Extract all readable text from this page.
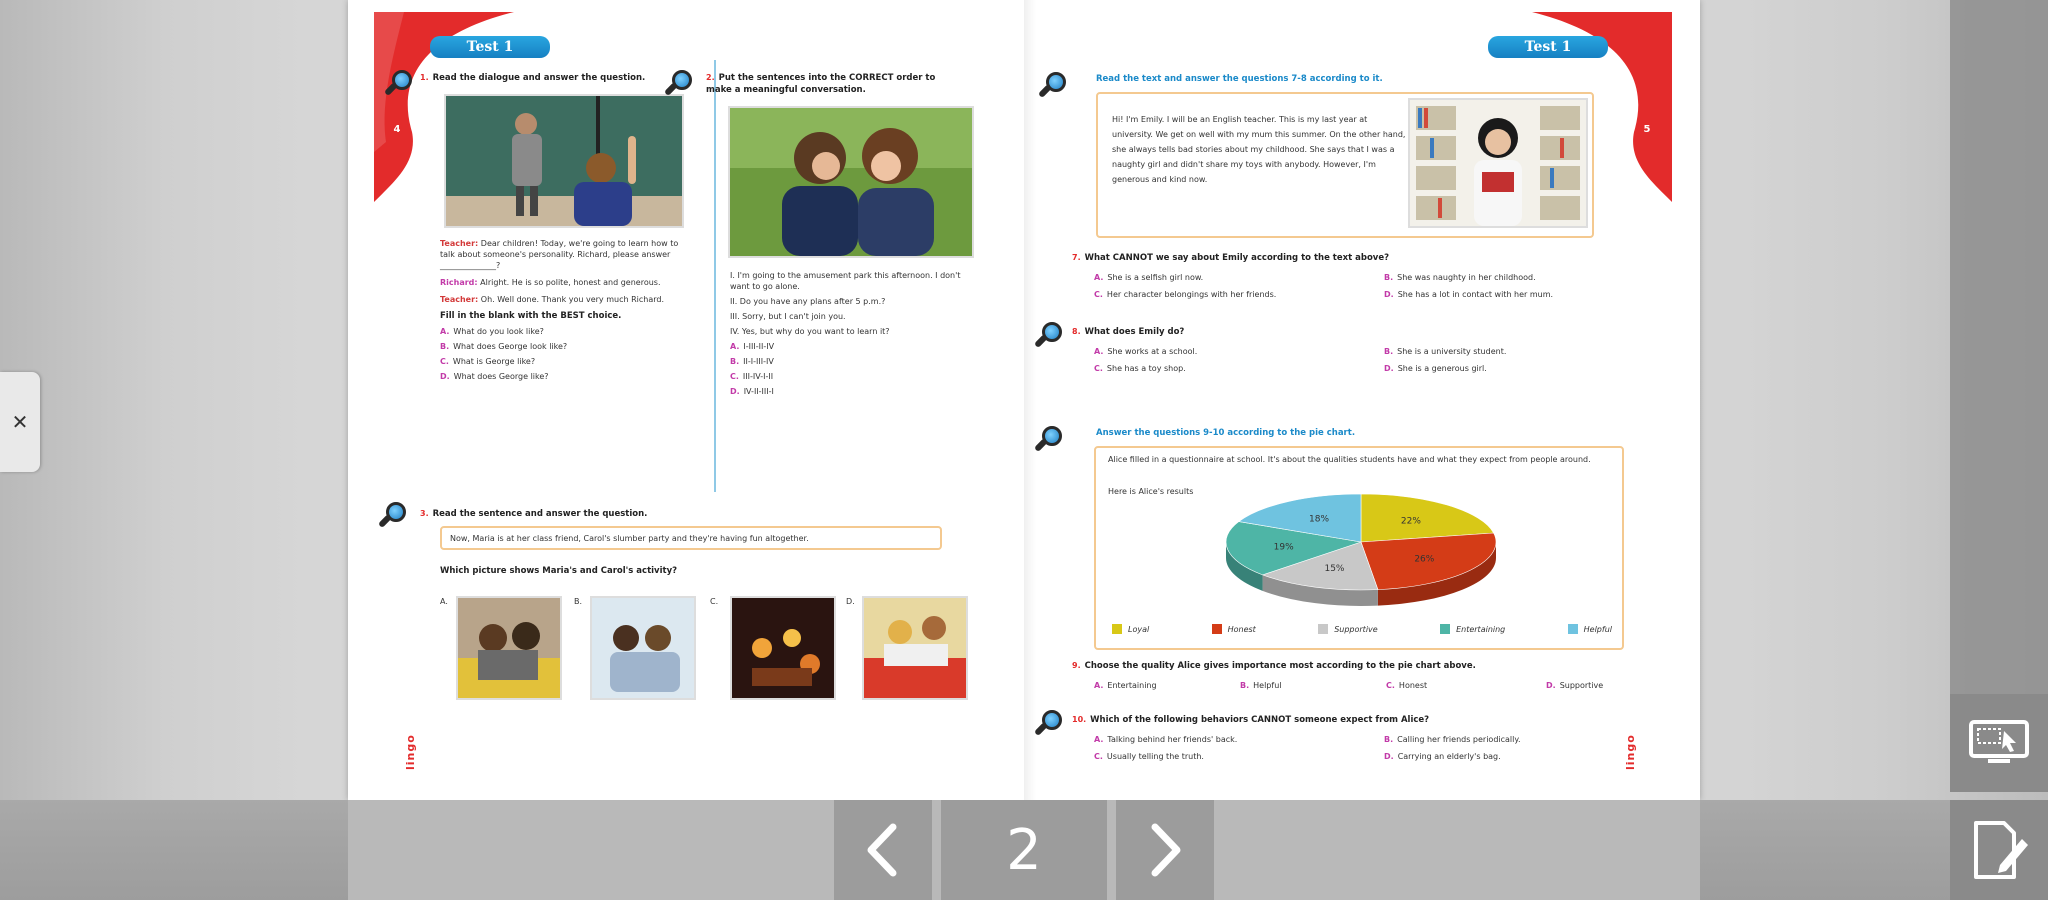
✕
Test 1	Test 1
4	5
1. Read the dialogue and answer the question.
Teacher: Dear children! Today, we're going to learn how to talk about someone's personality. Richard, please answer ______________?
Richard: Alright. He is so polite, honest and generous.
Teacher: Oh. Well done. Thank you very much Richard.
Fill in the blank with the BEST choice.
A. What do you look like?
B. What does George look like?
C. What is George like?
D. What does George like?
2. Put the sentences into the CORRECT order to make a meaningful conversation.
I. I'm going to the amusement park this afternoon. I don't want to go alone.
II. Do you have any plans after 5 p.m.?
III. Sorry, but I can't join you.
IV. Yes, but why do you want to learn it?
A. I-III-II-IV
B. II-I-III-IV
C. III-IV-I-II
D. IV-II-III-I
3. Read the sentence and answer the question.
Now, Maria is at her class friend, Carol's slumber party and they're having fun altogether.
Which picture shows Maria's and Carol's activity?
A.	B.	C.	D.
lingo
Read the text and answer the questions 7-8 according to it.
Hi! I'm Emily. I will be an English teacher. This is my last year at university. We get on well with my mum this summer. On the other hand, she always tells bad stories about my childhood. She says that I was a naughty girl and didn't share my toys with anybody. However, I'm generous and kind now.
7. What CANNOT we say about Emily according to the text above?
A. She is a selfish girl now.	B. She was naughty in her childhood.
C. Her character belongings with her friends.	D. She has a lot in contact with her mum.
8. What does Emily do?
A. She works at a school.	B. She is a university student.
C. She has a toy shop.	D. She is a generous girl.
Answer the questions 9-10 according to the pie chart.
Alice filled in a questionnaire at school. It's about the qualities students have and what they expect from people around.
Here is Alice's results
22%
26%
15%
19%
18%
Loyal	Honest	Supportive	Entertaining	Helpful
9. Choose the quality Alice gives importance most according to the pie chart above.
A. Entertaining	B. Helpful	C. Honest	D. Supportive
10. Which of the following behaviors CANNOT someone expect from Alice?
A. Talking behind her friends' back.	B. Calling her friends periodically.
C. Usually telling the truth.	D. Carrying an elderly's bag.	lingo
2
